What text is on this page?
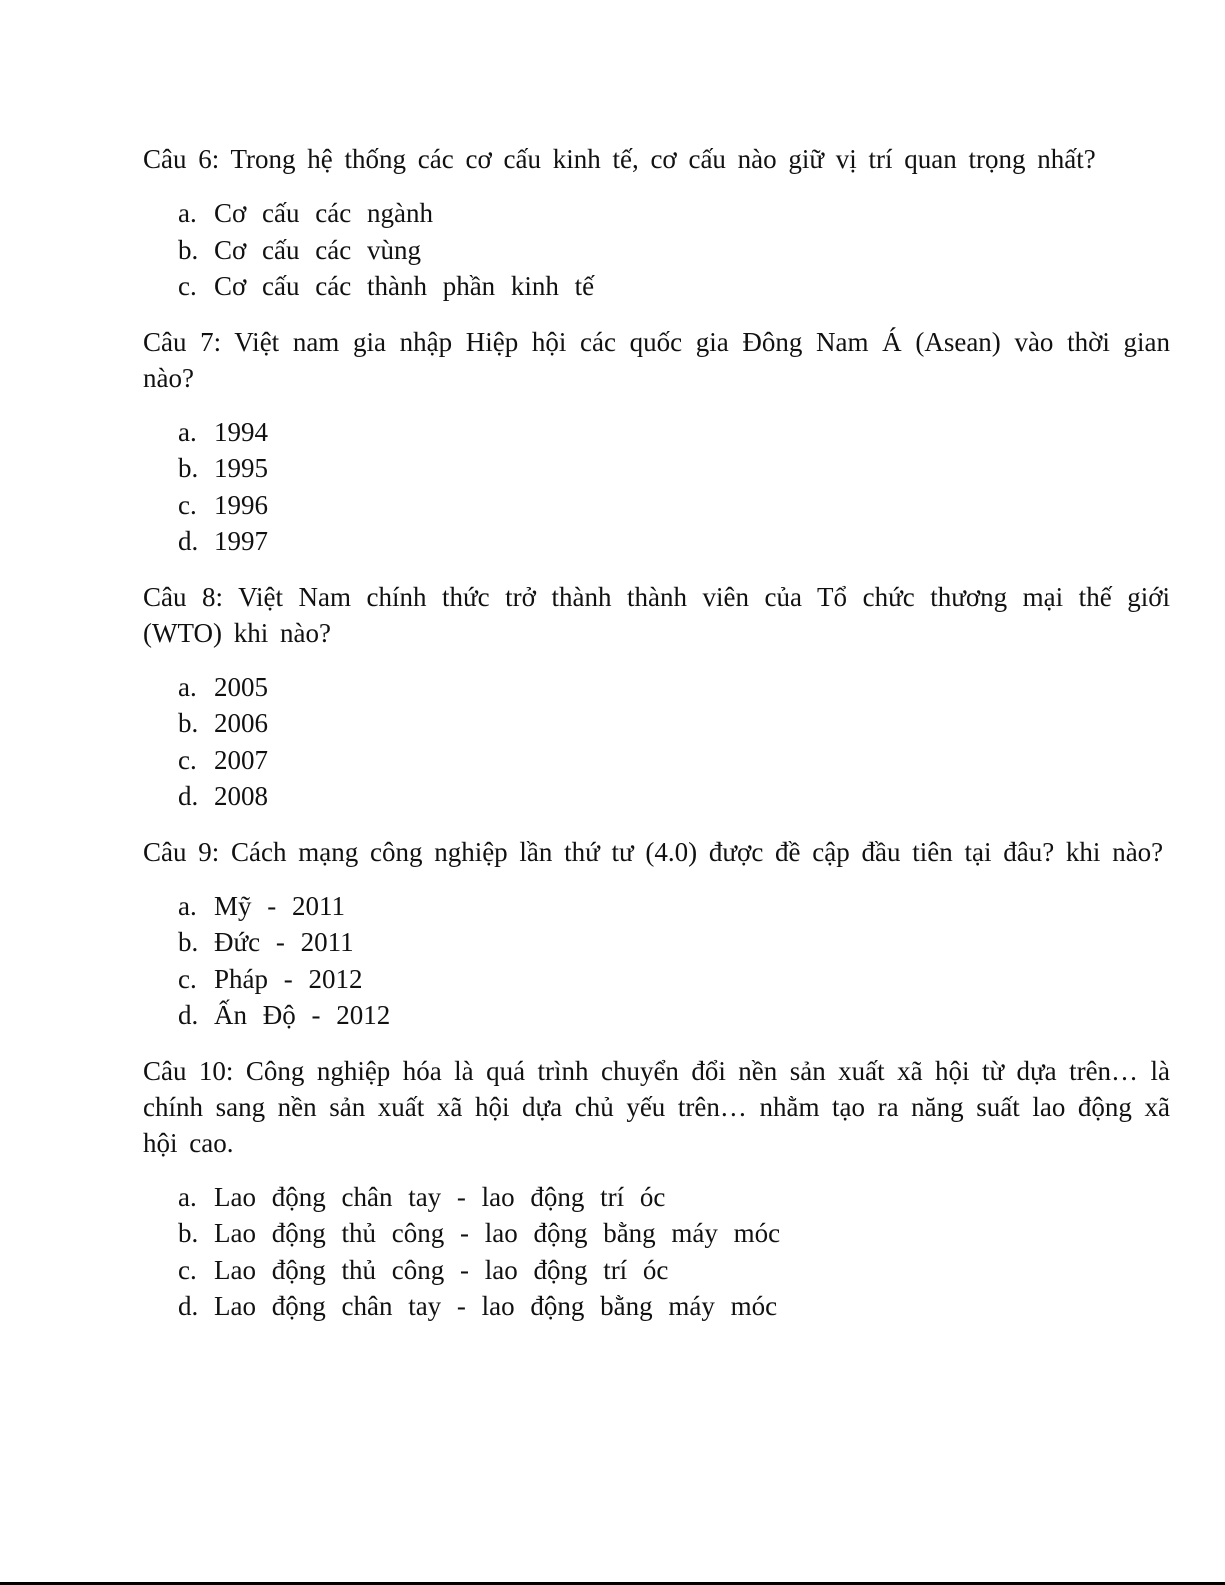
Câu 6: Trong hệ thống các cơ cấu kinh tế, cơ cấu nào giữ vị trí quan trọng nhất?

a. Cơ cấu các ngành
b. Cơ cấu các vùng
c. Cơ cấu các thành phần kinh tế

Câu 7: Việt nam gia nhập Hiệp hội các quốc gia Đông Nam Á (Asean) vào thời gian nào?

a. 1994
b. 1995
c. 1996
d. 1997

Câu 8: Việt Nam chính thức trở thành thành viên của Tổ chức thương mại thế giới (WTO) khi nào?

a. 2005
b. 2006
c. 2007
d. 2008

Câu 9: Cách mạng công nghiệp lần thứ tư (4.0) được đề cập đầu tiên tại đâu? khi nào?

a. Mỹ - 2011
b. Đức - 2011
c. Pháp - 2012
d. Ấn Độ - 2012

Câu 10: Công nghiệp hóa là quá trình chuyển đổi nền sản xuất xã hội từ dựa trên… là chính sang nền sản xuất xã hội dựa chủ yếu trên… nhằm tạo ra năng suất lao động xã hội cao.

a. Lao động chân tay - lao động trí óc
b. Lao động thủ công - lao động bằng máy móc
c. Lao động thủ công - lao động trí óc
d. Lao động chân tay - lao động bằng máy móc
